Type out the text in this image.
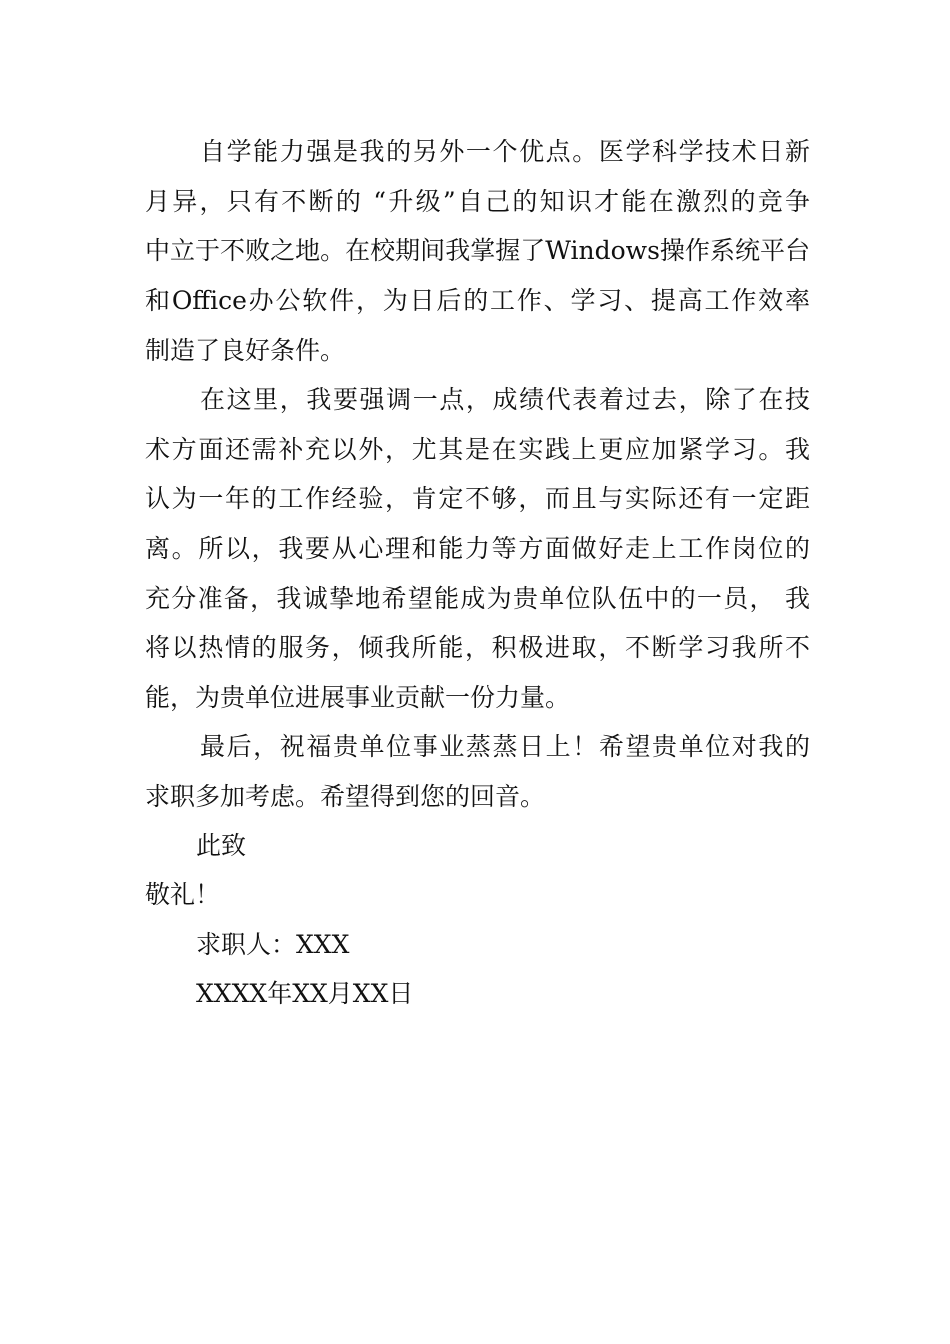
自学能力强是我的另外一个优点。医学科学技术日新
月异，只有不断的 “升级”自己的知识才能在激烈的竞争
中立于不败之地。在校期间我掌握了Windows操作系统平台
和Office办公软件，为日后的工作、学习、提高工作效率
制造了良好条件。
在这里，我要强调一点，成绩代表着过去，除了在技
术方面还需补充以外，尤其是在实践上更应加紧学习。我
认为一年的工作经验，肯定不够，而且与实际还有一定距
离。所以，我要从心理和能力等方面做好走上工作岗位的
充分准备，我诚挚地希望能成为贵单位队伍中的一员， 我
将以热情的服务，倾我所能，积极进取，不断学习我所不
能，为贵单位进展事业贡献一份力量。
最后，祝福贵单位事业蒸蒸日上！希望贵单位对我的
求职多加考虑。希望得到您的回音。
此致
敬礼！
求职人：XXX
XXXX年XX月XX日
